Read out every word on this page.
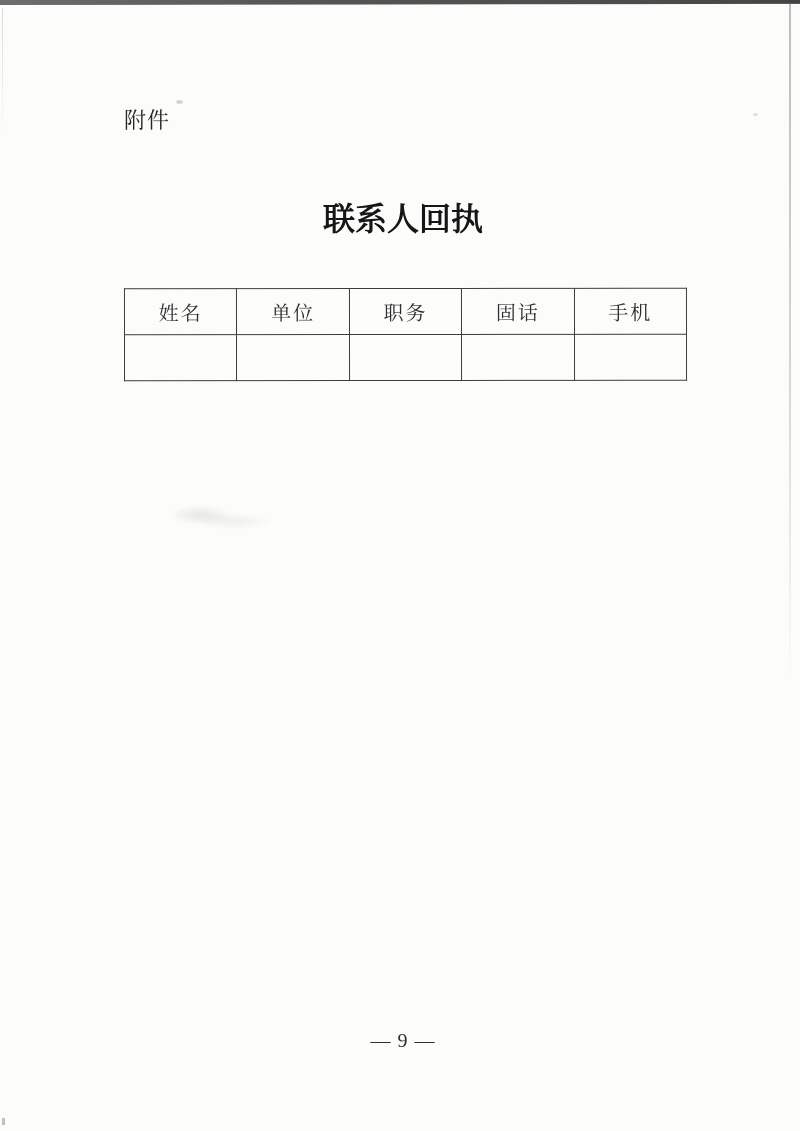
附件
联系人回执
姓名	单位	职务	固话	手机

— 9 —
